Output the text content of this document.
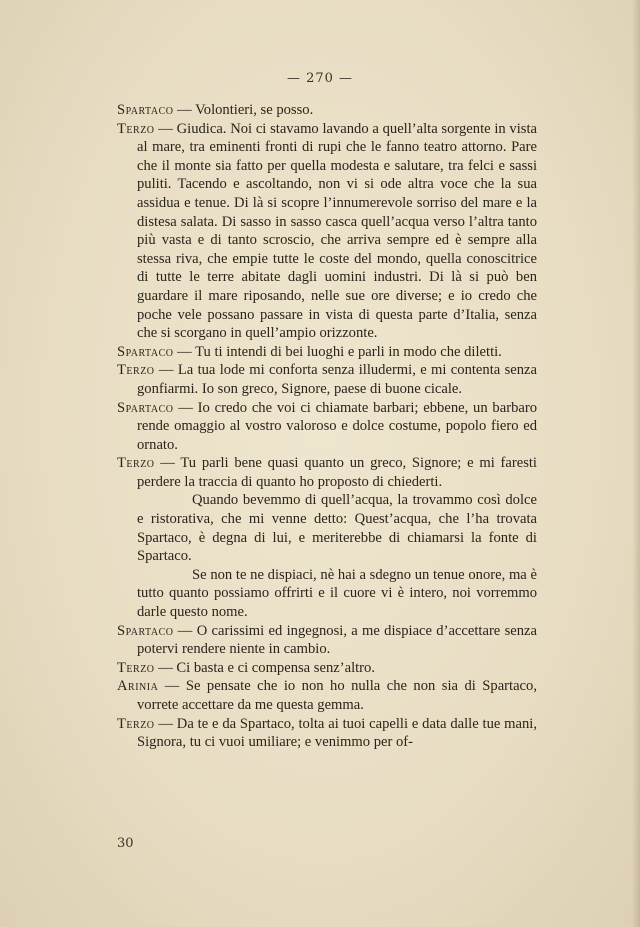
— 270 —

Spartaco — Volontieri, se posso.

Terzo — Giudica. Noi ci stavamo lavando a quell’alta sorgente in vista al mare, tra eminenti fronti di rupi che le fanno teatro attorno. Pare che il monte sia fatto per quella modesta e salutare, tra felci e sassi puliti. Tacendo e ascoltando, non vi si ode altra voce che la sua assidua e tenue. Di là si scopre l’innumerevole sorriso del mare e la distesa salata. Di sasso in sasso casca quell’acqua verso l’altra tanto più vasta e di tanto scroscio, che arriva sempre ed è sempre alla stessa riva, che empie tutte le coste del mondo, quella conoscitrice di tutte le terre abitate dagli uomini industri. Di là si può ben guardare il mare riposando, nelle sue ore diverse; e io credo che poche vele possano passare in vista di questa parte d’Italia, senza che si scorgano in quell’ampio orizzonte.

Spartaco — Tu ti intendi di bei luoghi e parli in modo che diletti.

Terzo — La tua lode mi conforta senza illudermi, e mi contenta senza gonfiarmi. Io son greco, Signore, paese di buone cicale.

Spartaco — Io credo che voi ci chiamate barbari; ebbene, un barbaro rende omaggio al vostro valoroso e dolce costume, popolo fiero ed ornato.

Terzo — Tu parli bene quasi quanto un greco, Signore; e mi faresti perdere la traccia di quanto ho proposto di chiederti.

Quando bevemmo di quell’acqua, la trovammo così dolce e ristorativa, che mi venne detto: Quest’acqua, che l’ha trovata Spartaco, è degna di lui, e meriterebbe di chiamarsi la fonte di Spartaco.

Se non te ne dispiaci, nè hai a sdegno un tenue onore, ma è tutto quanto possiamo offrirti e il cuore vi è intero, noi vorremmo darle questo nome.

Spartaco — O carissimi ed ingegnosi, a me dispiace d’accettare senza potervi rendere niente in cambio.

Terzo — Ci basta e ci compensa senz’altro.

Arinia — Se pensate che io non ho nulla che non sia di Spartaco, vorrete accettare da me questa gemma.

Terzo — Da te e da Spartaco, tolta ai tuoi capelli e data dalle tue mani, Signora, tu ci vuoi umiliare; e venimmo per of-

30
